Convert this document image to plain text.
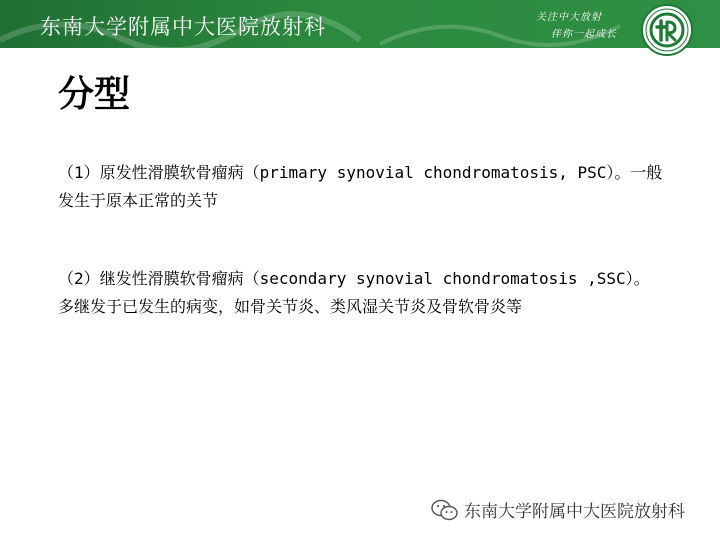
东南大学附属中大医院放射科	关注中大放射
伴你一起成长
分型
（1）原发性滑膜软骨瘤病（primary synovial chondromatosis, PSC）。一般发生于原本正常的关节
（2）继发性滑膜软骨瘤病（secondary synovial chondromatosis ,SSC）。多继发于已发生的病变，如骨关节炎、类风湿关节炎及骨软骨炎等
东南大学附属中大医院放射科
